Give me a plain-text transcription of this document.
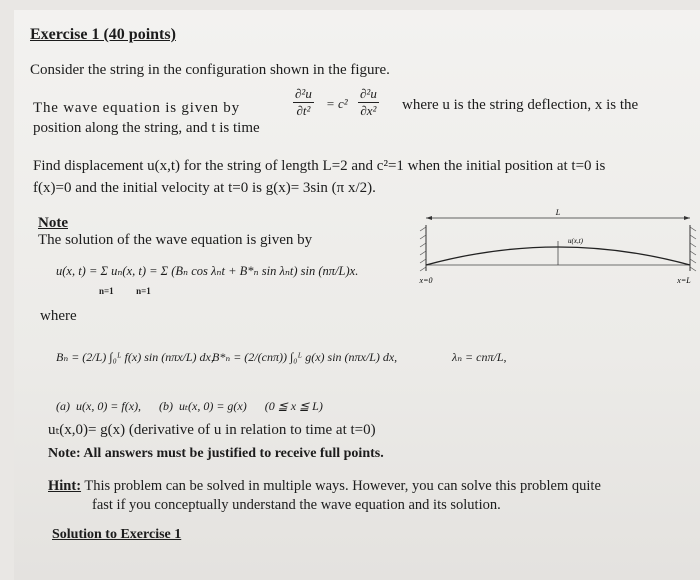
Exercise 1 (40 points)
Consider the string in the configuration shown in the figure.
The wave equation is given by	$\frac{\text{∂²u}}{\text{∂t²}} = c^2 \frac{\text{∂²u}}{\text{∂x²}}$ where u is the string deflection, x is the
position along the string, and t is time
Find displacement u(x,t) for the string of length L=2 and c²=1 when the initial position at t=0 is
f(x)=0 and the initial velocity at t=0 is g(x)= 3sin (π x/2).
Note
The solution of the wave equation is given by
u(x, t) = Σ uₙ(x, t) = Σ (Bₙ cos λₙt + B*ₙ sin λₙt) sin (nπ/L)x.
n=1          n=1
where
Bₙ = (2/L) ∫₀ᴸ f(x) sin (nπx/L) dx,
B*ₙ = (2/(cnπ)) ∫₀ᴸ g(x) sin (nπx/L) dx,	λₙ = cnπ/L,
(a)  u(x, 0) = f(x),      (b)  uₜ(x, 0) = g(x)      (0 ≦ x ≦ L)
uₜ(x,0)= g(x) (derivative of u in relation to time at t=0)
Note: All answers must be justified to receive full points.
Hint: This problem can be solved in multiple ways. However, you can solve this problem quite
fast if you conceptually understand the wave equation and its solution.
Solution to Exercise 1
L
u(x,t)
x=0	x=L
